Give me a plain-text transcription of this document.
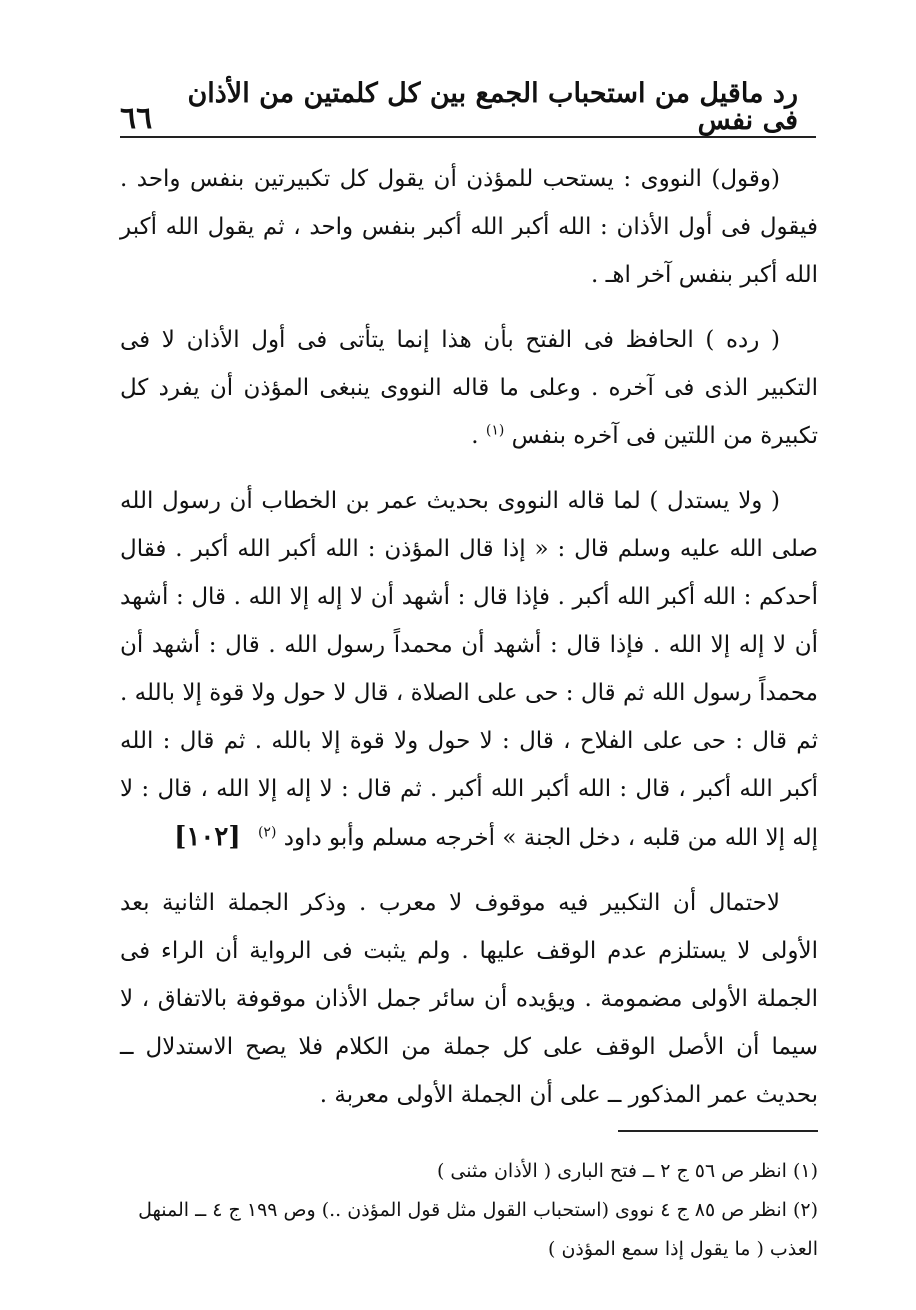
رد ماقيل من استحباب الجمع بين كل كلمتين من الأذان فى نفس
٦٦

(وقول) النووى : يستحب للمؤذن أن يقول كل تكبيرتين بنفس واحد . فيقول فى أول الأذان : الله أكبر الله أكبر بنفس واحد ، ثم يقول الله أكبر الله أكبر بنفس آخر اهـ .

( رده ) الحافظ فى الفتح بأن هذا إنما يتأتى فى أول الأذان لا فى التكبير الذى فى آخره . وعلى ما قاله النووى ينبغى المؤذن أن يفرد كل تكبيرة من اللتين فى آخره بنفس $^{(١)}$ .

( ولا يستدل ) لما قاله النووى بحديث عمر بن الخطاب أن رسول الله صلى الله عليه وسلم قال : « إذا قال المؤذن : الله أكبر الله أكبر . فقال أحدكم : الله أكبر الله أكبر . فإذا قال : أشهد أن لا إله إلا الله . قال : أشهد أن لا إله إلا الله . فإذا قال : أشهد أن محمداً رسول الله . قال : أشهد أن محمداً رسول الله ثم قال : حى على الصلاة ، قال لا حول ولا قوة إلا بالله . ثم قال : حى على الفلاح ، قال : لا حول ولا قوة إلا بالله . ثم قال : الله أكبر الله أكبر ، قال : الله أكبر الله أكبر . ثم قال : لا إله إلا الله ، قال : لا إله إلا الله من قلبه ، دخل الجنة » أخرجه مسلم وأبو داود $^{(٢)}$ [١٠٢]

لاحتمال أن التكبير فيه موقوف لا معرب . وذكر الجملة الثانية بعد الأولى لا يستلزم عدم الوقف عليها . ولم يثبت فى الرواية أن الراء فى الجملة الأولى مضمومة . ويؤيده أن سائر جمل الأذان موقوفة بالاتفاق ، لا سيما أن الأصل الوقف على كل جملة من الكلام فلا يصح الاستدلال ــ بحديث عمر المذكور ــ على أن الجملة الأولى معربة .

(١) انظر ص ٥٦ ج ٢ ــ فتح البارى ( الأذان مثنى )

(٢) انظر ص ٨٥ ج ٤ نووى (استحباب القول مثل قول المؤذن ..) وص ١٩٩ ج ٤ ــ المنهل العذب ( ما يقول إذا سمع المؤذن )
